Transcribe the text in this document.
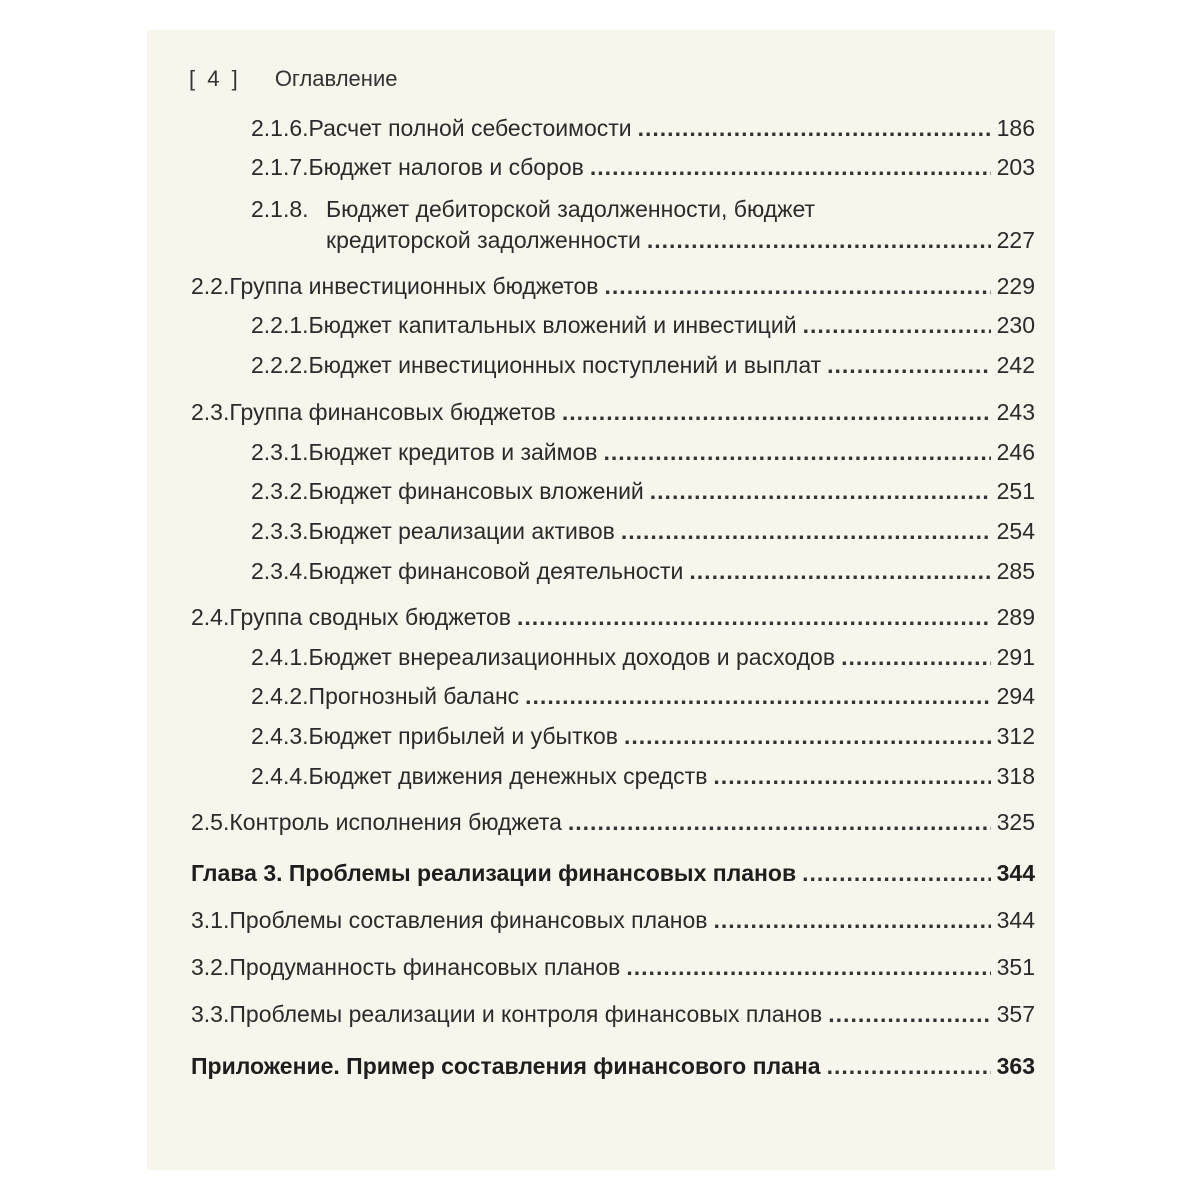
[ 4 ] Оглавление
2.1.6. Расчет полной себестоимости .....	186
2.1.7. Бюджет налогов и сборов .....	203
2.1.8. Бюджет дебиторской задолженности, бюджет
кредиторской задолженности .....	227
2.2. Группа инвестиционных бюджетов .....	229
2.2.1. Бюджет капитальных вложений и инвестиций .....	230
2.2.2. Бюджет инвестиционных поступлений и выплат .....	242
2.3. Группа финансовых бюджетов .....	243
2.3.1. Бюджет кредитов и займов .....	246
2.3.2. Бюджет финансовых вложений .....	251
2.3.3. Бюджет реализации активов .....	254
2.3.4. Бюджет финансовой деятельности .....	285
2.4. Группа сводных бюджетов .....	289
2.4.1. Бюджет внереализационных доходов и расходов .....	291
2.4.2. Прогнозный баланс .....	294
2.4.3. Бюджет прибылей и убытков .....	312
2.4.4. Бюджет движения денежных средств .....	318
2.5. Контроль исполнения бюджета .....	325
Глава 3. Проблемы реализации финансовых планов .....	344
3.1. Проблемы составления финансовых планов .....	344
3.2. Продуманность финансовых планов .....	351
3.3. Проблемы реализации и контроля финансовых планов .....	357
Приложение. Пример составления финансового плана .....	363
